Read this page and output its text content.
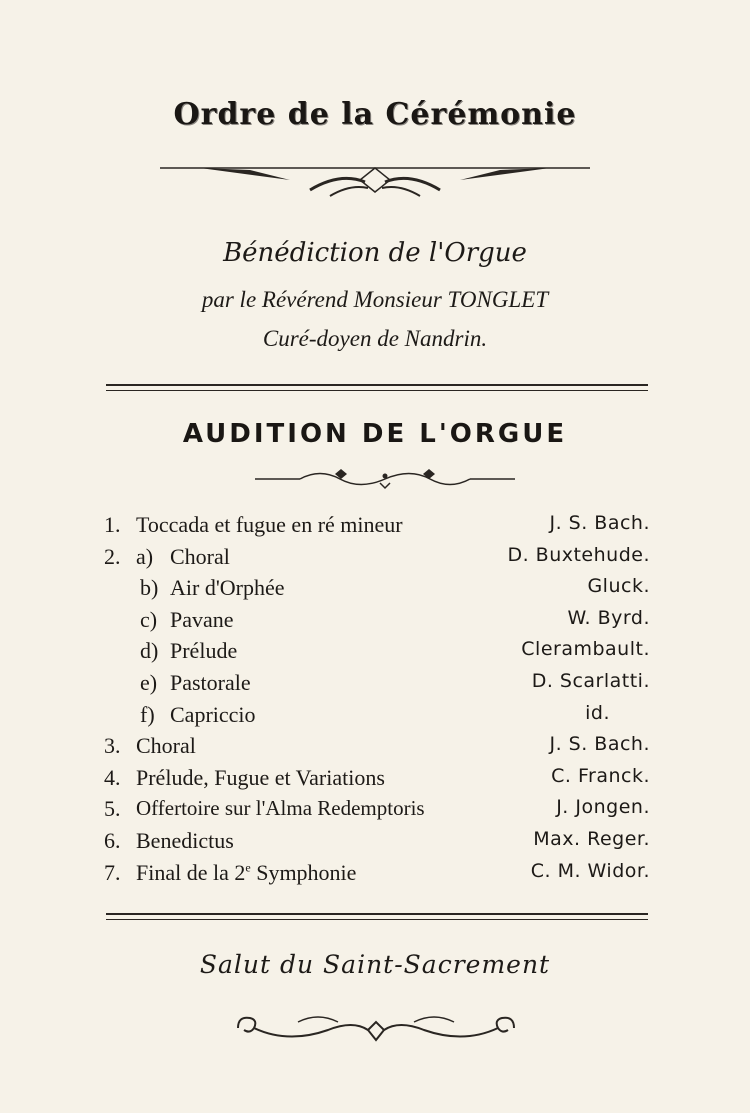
Ordre de la Cérémonie
Bénédiction de l'Orgue
par le Révérend Monsieur TONGLET
Curé-doyen de Nandrin.
AUDITION DE L'ORGUE
1. Toccada et fugue en ré mineur	J. S. Bach.
2. a) Choral	D. Buxtehude.
b) Air d'Orphée	Gluck.
c) Pavane	W. Byrd.
d) Prélude	Clerambault.
e) Pastorale	D. Scarlatti.
f) Capriccio	id.
3. Choral	J. S. Bach.
4. Prélude, Fugue et Variations	C. Franck.
5. Offertoire sur l'Alma Redemptoris	J. Jongen.
6. Benedictus	Max. Reger.
7. Final de la 2e Symphonie	C. M. Widor.
Salut du Saint-Sacrement
